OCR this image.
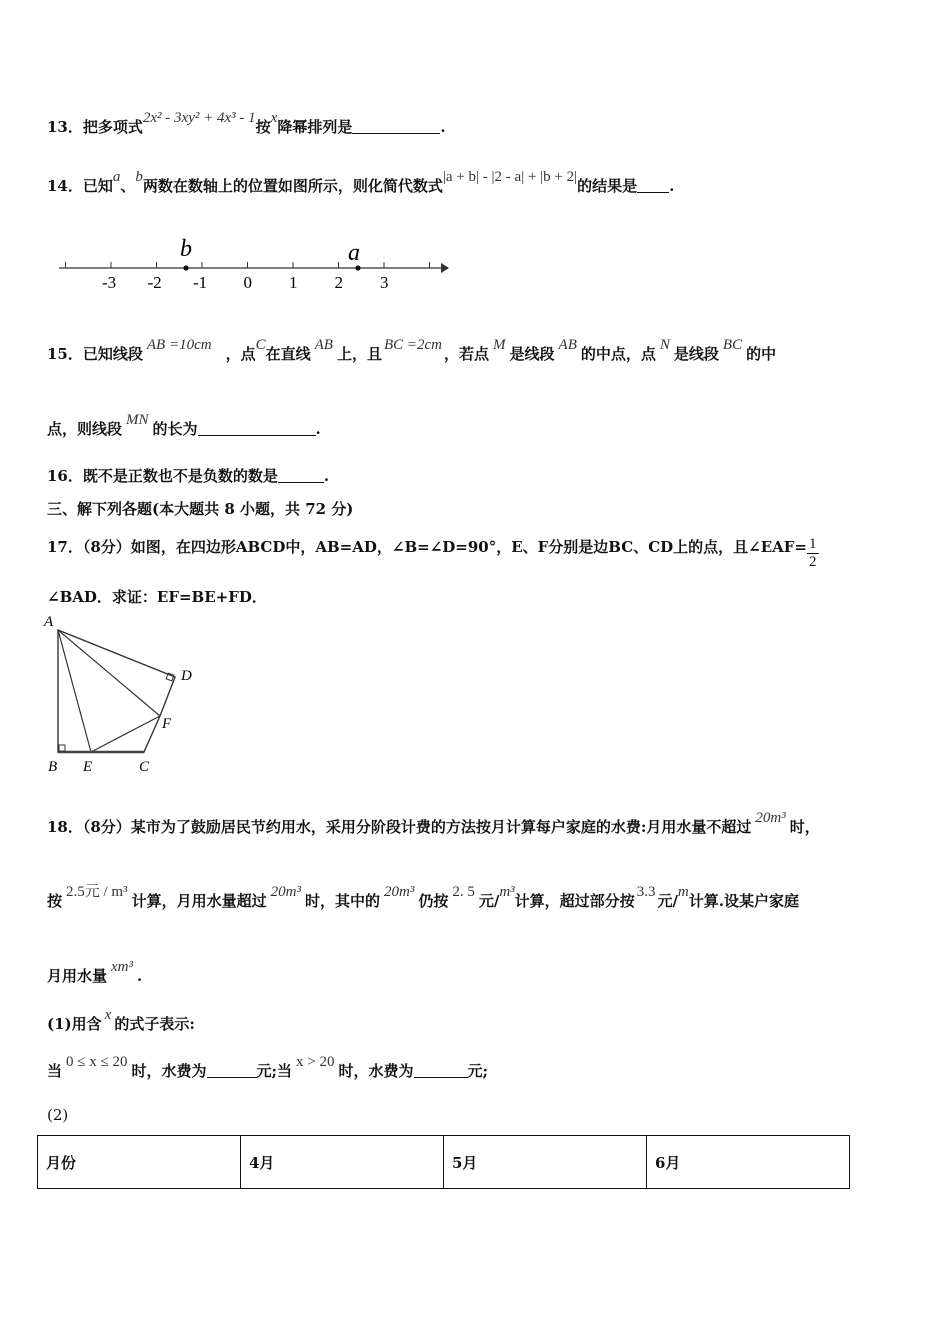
13．把多项式2x² - 3xy² + 4x³ - 1按x降幂排列是	.
14．已知a、b两数在数轴上的位置如图所示，则化简代数式|a + b| - |2 - a| + |b + 2|的结果是 .
-3 -2 -1 0 1 2 3
b	a
15．已知线段 AB =10cm ，点C在直线 AB 上，且 BC =2cm ，若点 M 是线段 AB 的中点，点 N 是线段 BC 的中
点，则线段 MN 的长为	.
16．既不是正数也不是负数的数是	.
三、解下列各题(本大题共 8 小题，共 72 分)
17．（8分）如图，在四边形ABCD中，AB=AD，∠B=∠D=90°，E、F分别是边BC、CD上的点，且∠EAF= $\frac{1}{2}$
∠BAD．求证：EF=BE+FD．
A
D
F
B E	C
18．（8分）某市为了鼓励居民节约用水，采用分阶段计费的方法按月计算每户家庭的水费:月用水量不超过 20m³ 时，
按 2.5元 / m³ 计算，月用水量超过 20m³ 时，其中的 20m³ 仍按 2. 5 元/m³计算，超过部分按 3.3 元/m计算.设某户家庭
月用水量 xm³ .
(1)用含 x 的式子表示:
当 0 ≤ x ≤ 20 时，水费为	元;当 x > 20 时，水费为	元;
(2)
月份	4月	5月	6月
